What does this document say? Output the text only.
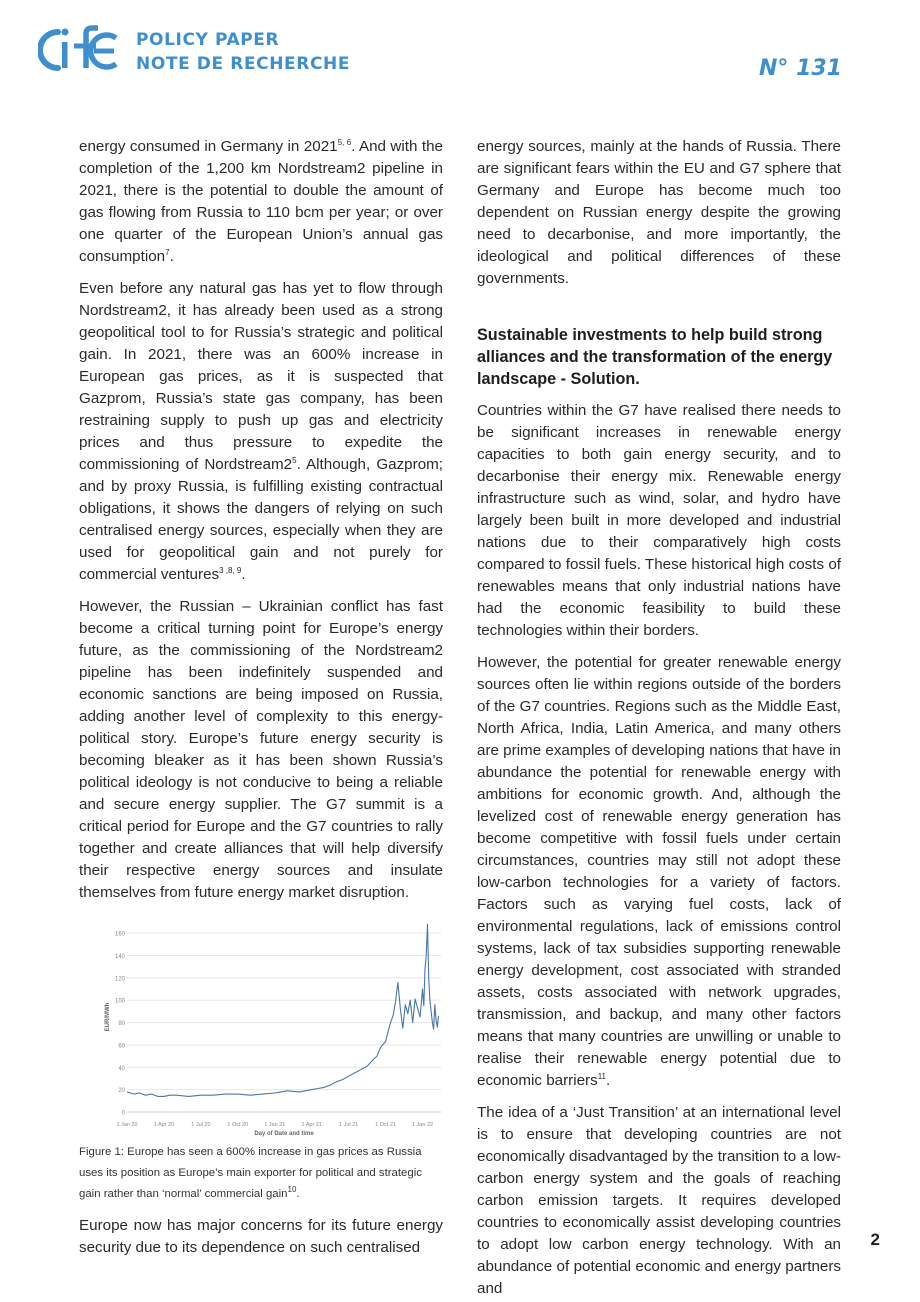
POLICY PAPER
NOTE DE RECHERCHE	N° 131

energy consumed in Germany in 2021$^{5, 6}$. And with the completion of the 1,200 km Nordstream2 pipeline in 2021, there is the potential to double the amount of gas flowing from Russia to 110 bcm per year; or over one quarter of the European Union’s annual gas consumption$^7$.

Even before any natural gas has yet to flow through Nordstream2, it has already been used as a strong geopolitical tool to for Russia’s strategic and political gain. In 2021, there was an 600% increase in European gas prices, as it is suspected that Gazprom, Russia’s state gas company, has been restraining supply to push up gas and electricity prices and thus pressure to expedite the commissioning of $Nordstream2^5$. Although, Gazprom; and by proxy Russia, is fulfilling existing contractual obligations, it shows the dangers of relying on such centralised energy sources, especially when they are used for geopolitical gain and not purely for commercial ventures$^{3 ,8, 9}$.

However, the Russian – Ukrainian conflict has fast become a critical turning point for Europe’s energy future, as the commissioning of the Nordstream2 pipeline has been indefinitely suspended and economic sanctions are being imposed on Russia, adding another level of complexity to this energy-political story. Europe’s future energy security is becoming bleaker as it has been shown Russia’s political ideology is not conducive to being a reliable and secure energy supplier. The G7 summit is a critical period for Europe and the G7 countries to rally together and create alliances that will help diversify their respective energy sources and insulate themselves from future energy market disruption.

0
20
40
60
80
100
120
140
160
1 Jan 20	1 Apr 20	1 Jul 20	1 Oct 20	1 Jan 21	1 Apr 21	1 Jul 21	1 Oct 21	1 Jan 22
Day of Date and time
EUR/MWh

Figure 1: Europe has seen a 600% increase in gas prices as Russia uses its position as Europe’s main exporter for political and strategic gain rather than ‘normal’ commercial gain$^{10}$.

Europe now has major concerns for its future energy security due to its dependence on such centralised

energy sources, mainly at the hands of Russia. There are significant fears within the EU and G7 sphere that Germany and Europe has become much too dependent on Russian energy despite the growing need to decarbonise, and more importantly, the ideological and political differences of these governments.

Sustainable investments to help build strong alliances and the transformation of the energy landscape - Solution.

Countries within the G7 have realised there needs to be significant increases in renewable energy capacities to both gain energy security, and to decarbonise their energy mix. Renewable energy infrastructure such as wind, solar, and hydro have largely been built in more developed and industrial nations due to their comparatively high costs compared to fossil fuels. These historical high costs of renewables means that only industrial nations have had the economic feasibility to build these technologies within their borders.

However, the potential for greater renewable energy sources often lie within regions outside of the borders of the G7 countries. Regions such as the Middle East, North Africa, India, Latin America, and many others are prime examples of developing nations that have in abundance the potential for renewable energy with ambitions for economic growth. And, although the levelized cost of renewable energy generation has become competitive with fossil fuels under certain circumstances, countries may still not adopt these low-carbon technologies for a variety of factors. Factors such as varying fuel costs, lack of environmental regulations, lack of emissions control systems, lack of tax subsidies supporting renewable energy development, cost associated with stranded assets, costs associated with network upgrades, transmission, and backup, and many other factors means that many countries are unwilling or unable to realise their renewable energy potential due to economic barriers$^{11}$.

The idea of a ‘Just Transition’ at an international level is to ensure that developing countries are not economically disadvantaged by the transition to a low-carbon energy system and the goals of reaching carbon emission targets. It requires developed countries to economically assist developing countries to adopt low carbon energy technology. With an abundance of potential economic and energy partners and

2
